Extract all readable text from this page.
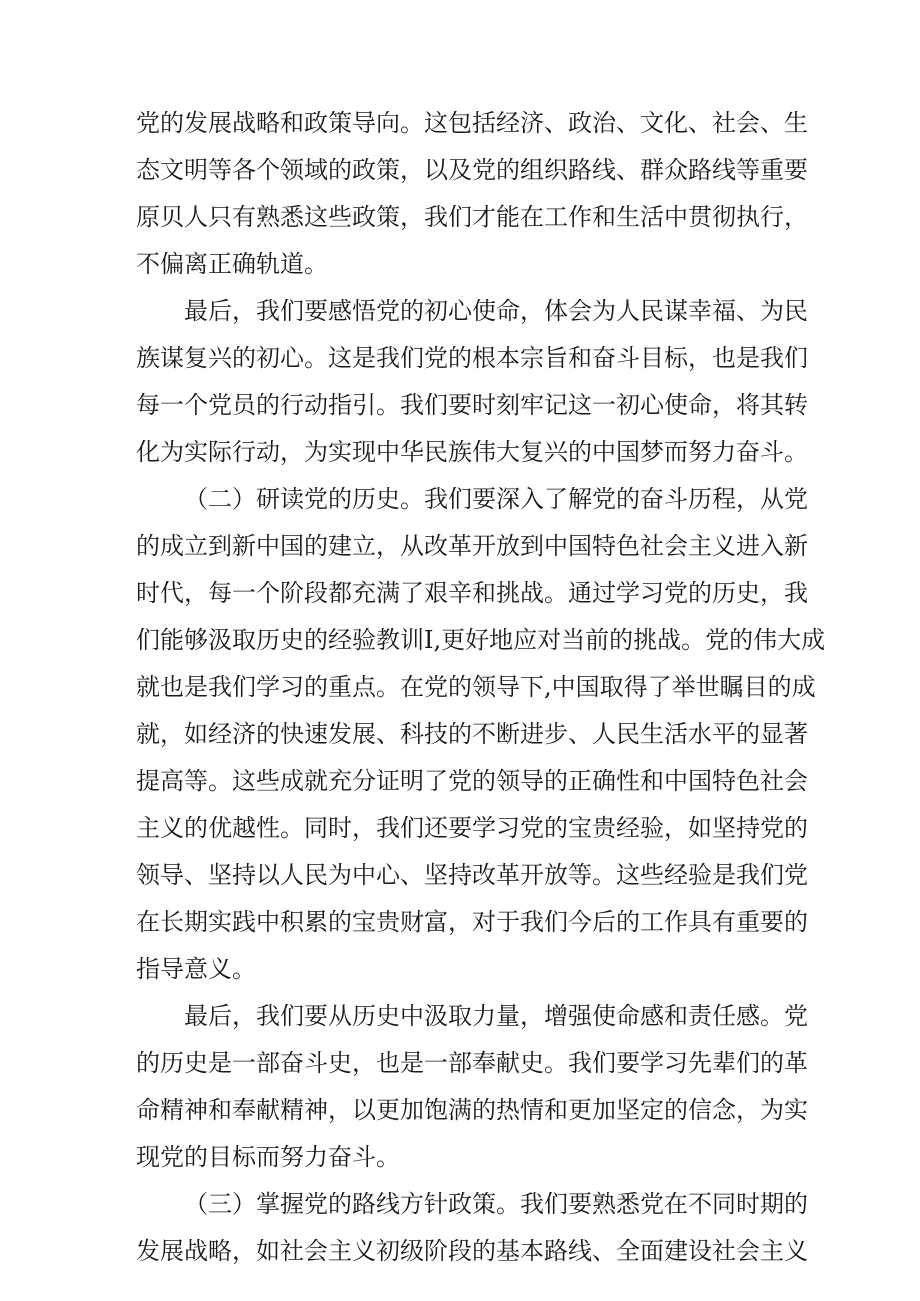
党的发展战略和政策导向。这包括经济、政治、文化、社会、生
态文明等各个领域的政策，以及党的组织路线、群众路线等重要
原贝人只有熟悉这些政策，我们才能在工作和生活中贯彻执行，
不偏离正确轨道。
最后，我们要感悟党的初心使命，体会为人民谋幸福、为民
族谋复兴的初心。这是我们党的根本宗旨和奋斗目标，也是我们
每一个党员的行动指引。我们要时刻牢记这一初心使命，将其转
化为实际行动，为实现中华民族伟大复兴的中国梦而努力奋斗。
（二）研读党的历史。我们要深入了解党的奋斗历程，从党
的成立到新中国的建立，从改革开放到中国特色社会主义进入新
时代，每一个阶段都充满了艰辛和挑战。通过学习党的历史，我
们能够汲取历史的经验教训I,更好地应对当前的挑战。党的伟大成
就也是我们学习的重点。在党的领导下,中国取得了举世瞩目的成
就，如经济的快速发展、科技的不断进步、人民生活水平的显著
提高等。这些成就充分证明了党的领导的正确性和中国特色社会
主义的优越性。同时，我们还要学习党的宝贵经验，如坚持党的
领导、坚持以人民为中心、坚持改革开放等。这些经验是我们党
在长期实践中积累的宝贵财富，对于我们今后的工作具有重要的
指导意义。
最后，我们要从历史中汲取力量，增强使命感和责任感。党
的历史是一部奋斗史，也是一部奉献史。我们要学习先辈们的革
命精神和奉献精神，以更加饱满的热情和更加坚定的信念，为实
现党的目标而努力奋斗。
（三）掌握党的路线方针政策。我们要熟悉党在不同时期的
发展战略，如社会主义初级阶段的基本路线、全面建设社会主义
